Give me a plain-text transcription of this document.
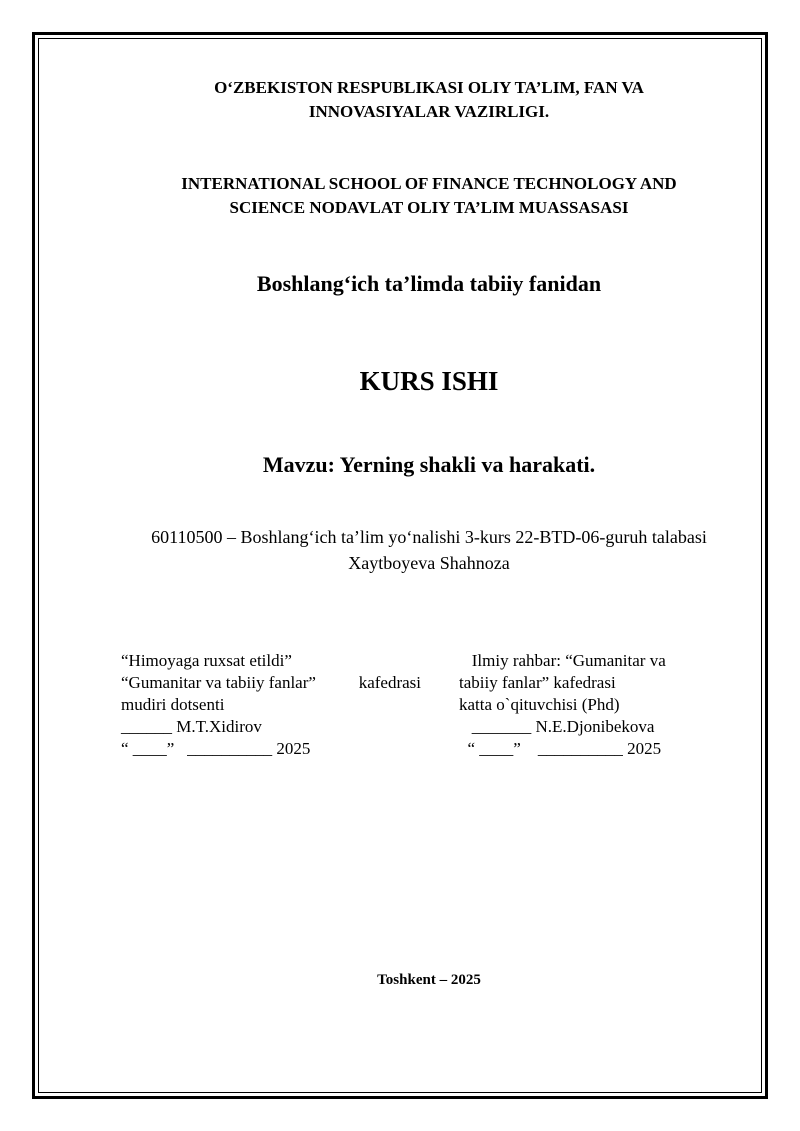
O‘ZBEKISTON RESPUBLIKASI OLIY TA’LIM, FAN VA
INNOVASIYALAR VAZIRLIGI.
INTERNATIONAL SCHOOL OF FINANCE TECHNOLOGY AND
SCIENCE NODAVLAT OLIY TA’LIM MUASSASASI
Boshlang‘ich ta’limda tabiiy fanidan
KURS ISHI
Mavzu: Yerning shakli va harakati.
60110500 – Boshlang‘ich ta’lim yo‘nalishi 3-kurs 22-BTD-06-guruh talabasi
Xaytboyeva Shahnoza
“Himoyaga ruxsat etildi”
“Gumanitar va tabiiy fanlar”	kafedrasi
mudiri dotsenti
______ M.T.Xidirov
“ ____”   __________ 2025
Ilmiy rahbar: “Gumanitar va
tabiiy fanlar” kafedrasi
katta o`qituvchisi (Phd)
_______ N.E.Djonibekova
“ ____”    __________ 2025
Toshkent – 2025
